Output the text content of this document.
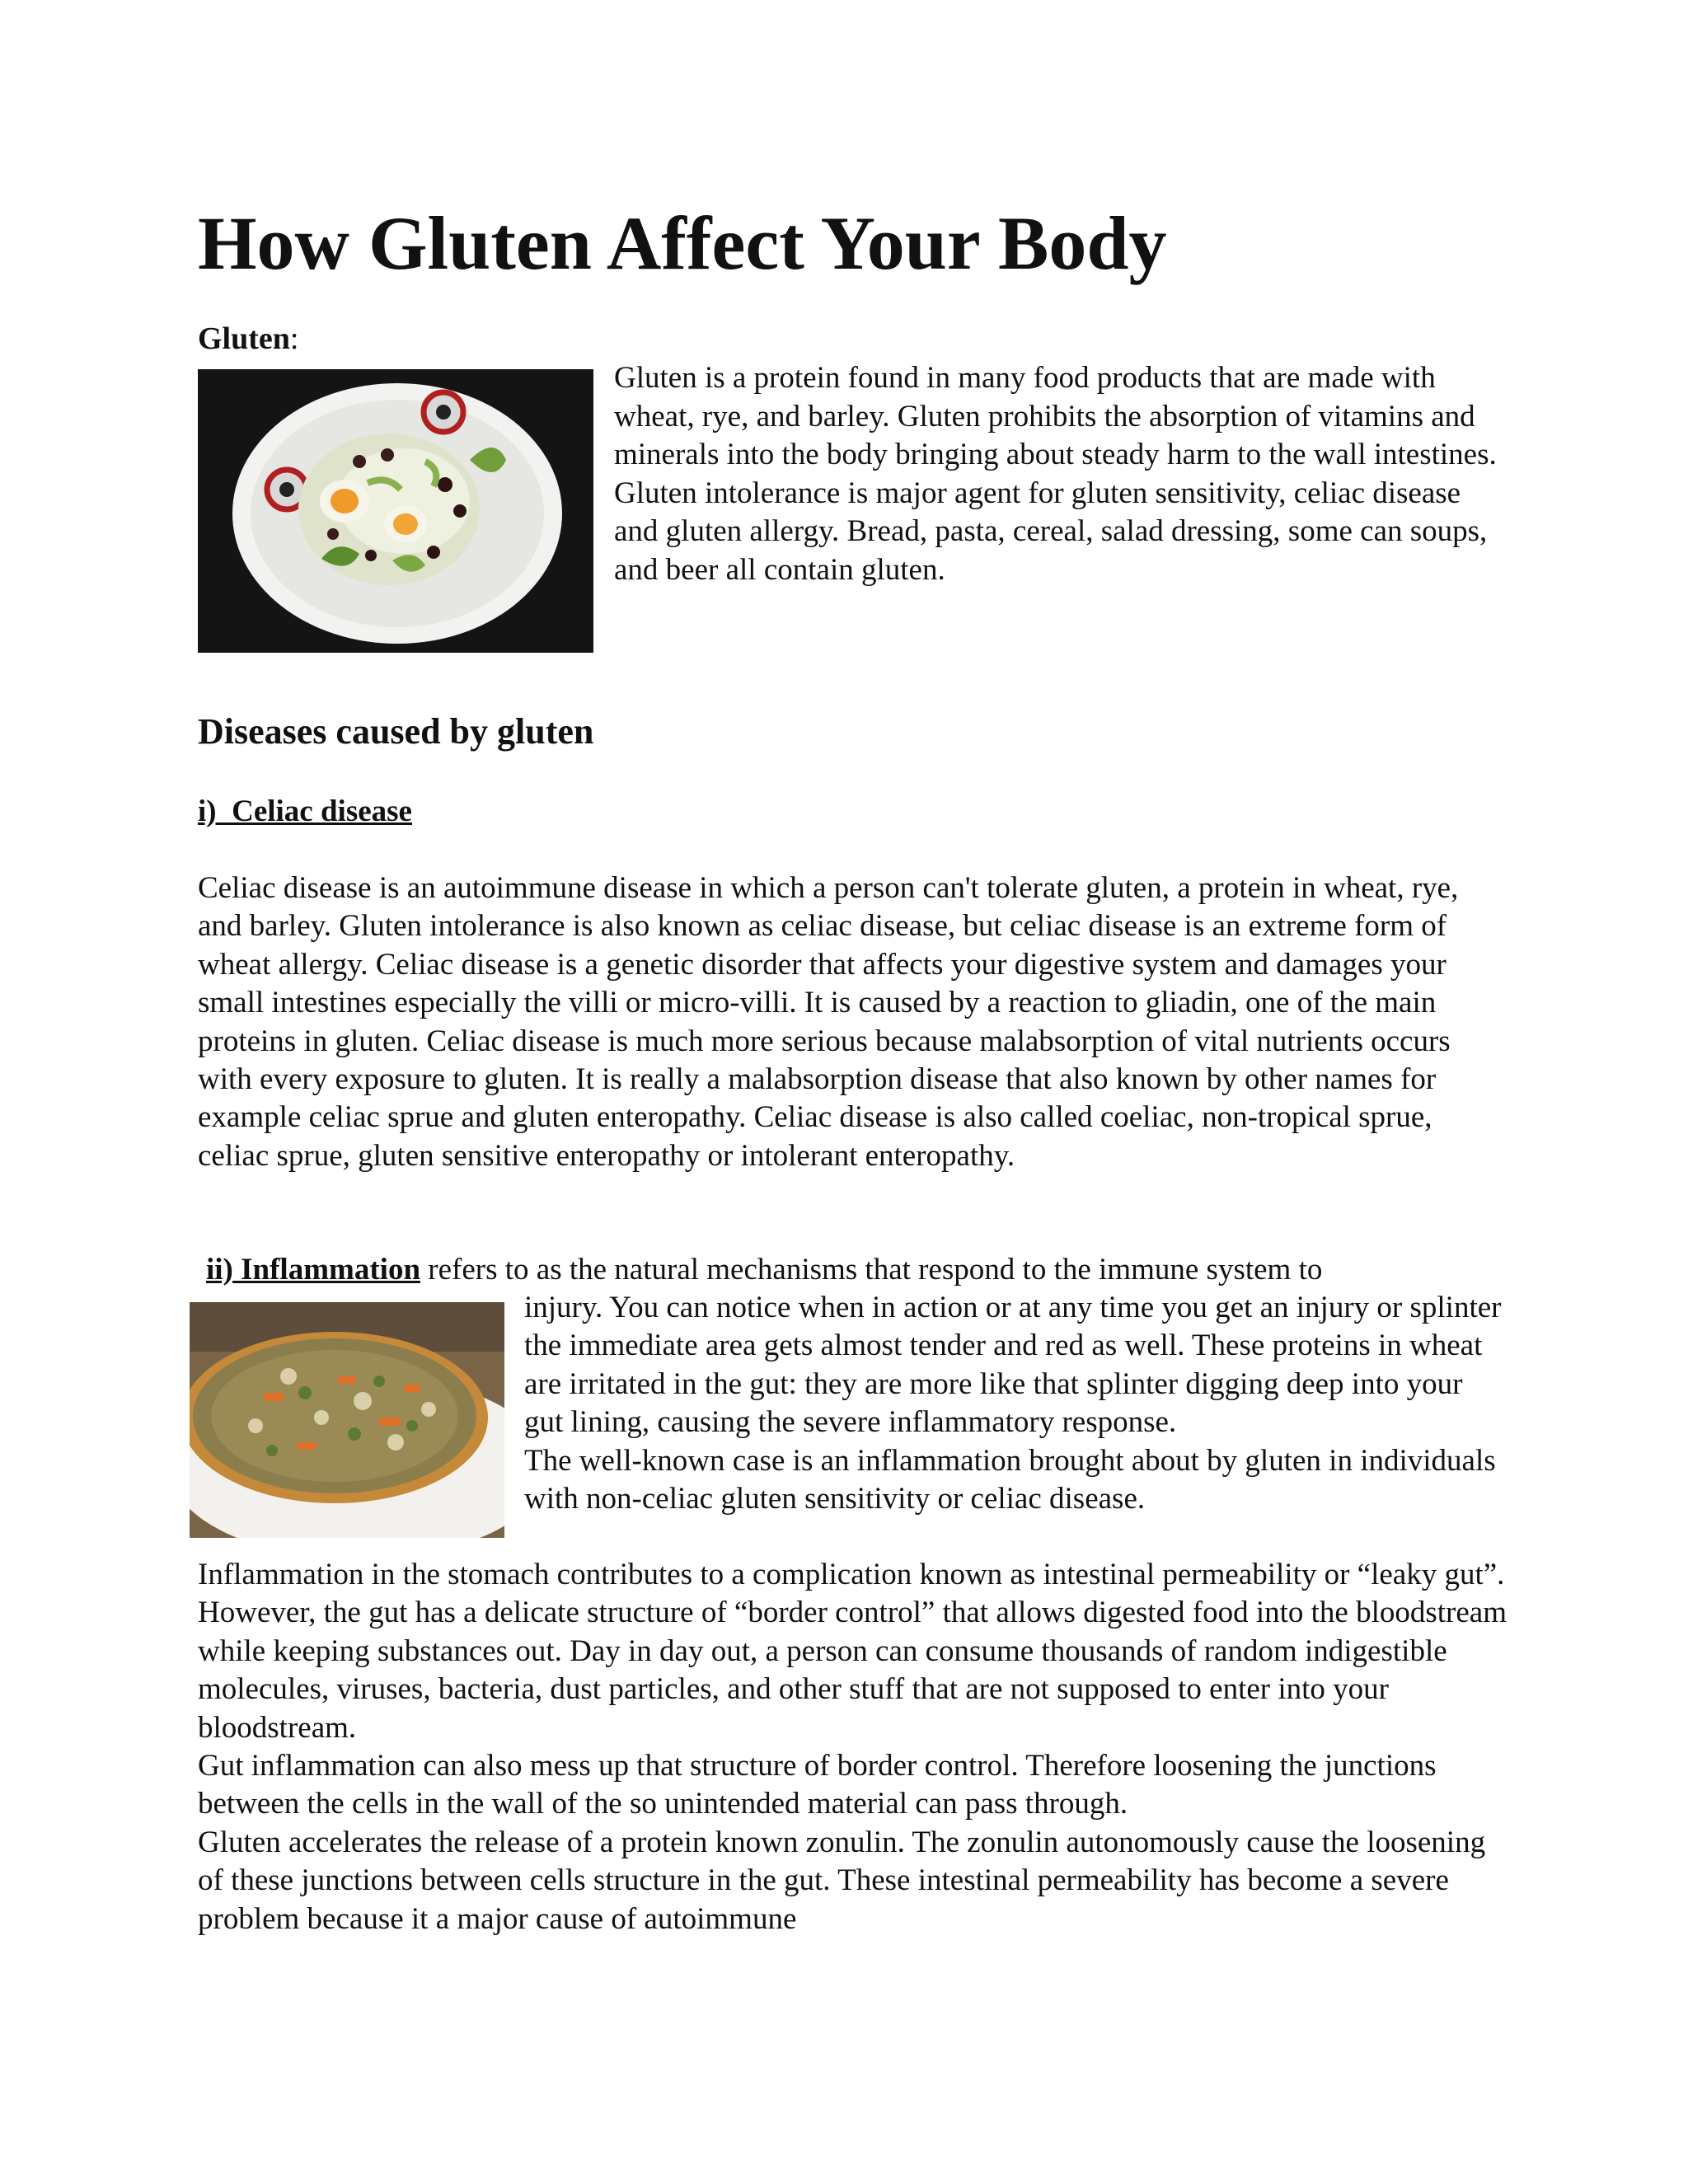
How Gluten Affect Your Body
Gluten:
Gluten is a protein found in many food products that are made with wheat, rye, and barley. Gluten prohibits the absorption of vitamins and minerals into the body bringing about steady harm to the wall intestines. Gluten intolerance is major agent for gluten sensitivity, celiac disease and gluten allergy. Bread, pasta, cereal, salad dressing, some can soups, and beer all contain gluten.
Diseases caused by gluten
i)  Celiac disease
Celiac disease is an autoimmune disease in which a person can't tolerate gluten, a protein in wheat, rye, and barley. Gluten intolerance is also known as celiac disease, but celiac disease is an extreme form of wheat allergy. Celiac disease is a genetic disorder that affects your digestive system and damages your small intestines especially the villi or micro-villi. It is caused by a reaction to gliadin, one of the main proteins in gluten. Celiac disease is much more serious because malabsorption of vital nutrients occurs with every exposure to gluten. It is really a malabsorption disease that also known by other names for example celiac sprue and gluten enteropathy. Celiac disease is also called coeliac, non-tropical sprue, celiac sprue, gluten sensitive enteropathy or intolerant enteropathy.
ii) Inflammation refers to as the natural mechanisms that respond to the immune system to

injury. You can notice when in action or at any time you get an injury or splinter the immediate area gets almost tender and red as well. These proteins in wheat are irritated in the gut: they are more like that splinter digging deep into your gut lining, causing the severe inflammatory response.

The well-known case is an inflammation brought about by gluten in individuals with non-celiac gluten sensitivity or celiac disease.

Inflammation in the stomach contributes to a complication known as intestinal permeability or “leaky gut”. However, the gut has a delicate structure of “border control” that allows digested food into the bloodstream while keeping substances out. Day in day out, a person can consume thousands of random indigestible molecules, viruses, bacteria, dust particles, and other stuff that are not supposed to enter into your bloodstream.

Gut inflammation can also mess up that structure of border control. Therefore loosening the junctions between the cells in the wall of the so unintended material can pass through.

Gluten accelerates the release of a protein known zonulin. The zonulin autonomously cause the loosening of these junctions between cells structure in the gut. These intestinal permeability has become a severe problem because it a major cause of autoimmune
